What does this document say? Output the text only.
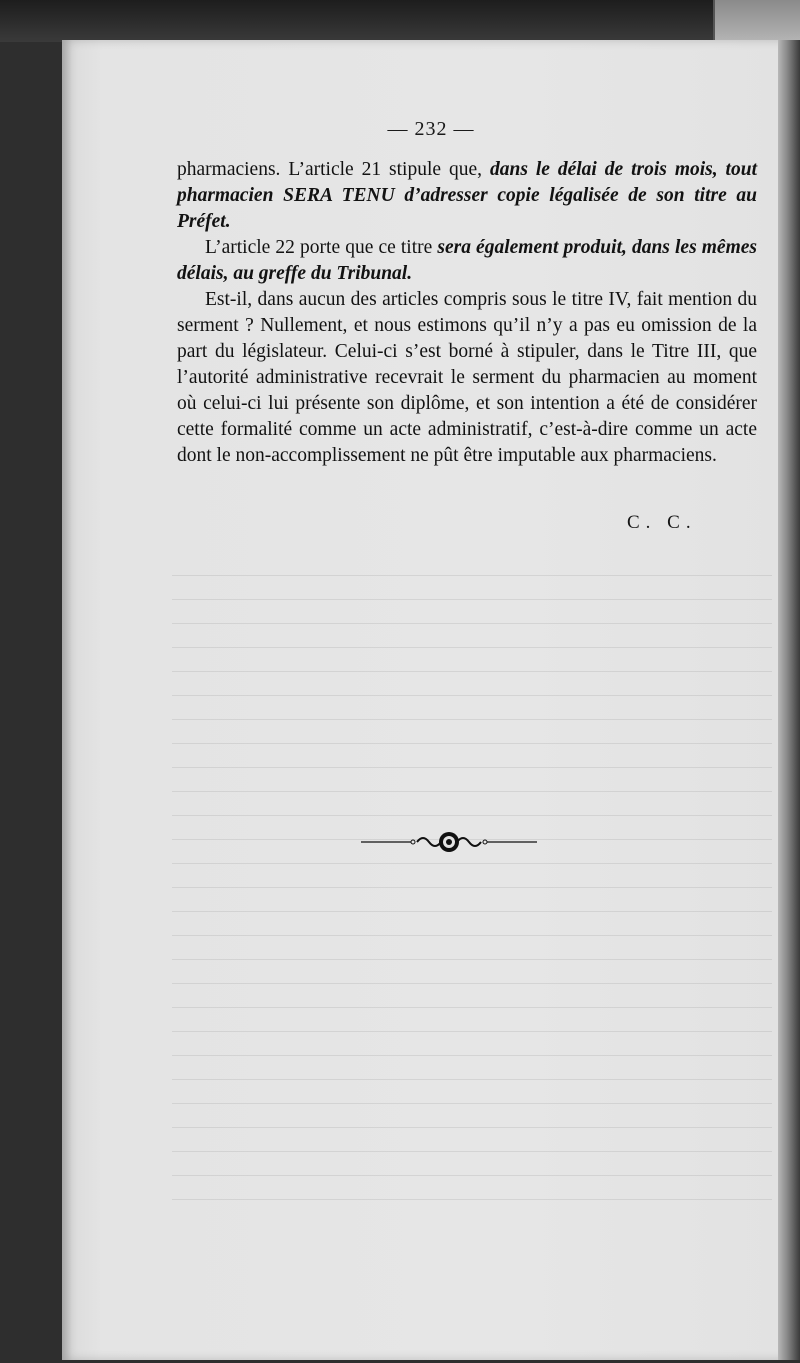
— 232 —

pharmaciens. L’article 21 stipule que, dans le délai de trois mois, tout pharmacien SERA TENU d’adresser copie légalisée de son titre au Préfet.

L’article 22 porte que ce titre sera également produit, dans les mêmes délais, au greffe du Tribunal.

Est-il, dans aucun des articles compris sous le titre IV, fait mention du serment ? Nullement, et nous estimons qu’il n’y a pas eu omission de la part du législateur. Celui-ci s’est borné à stipuler, dans le Titre III, que l’autorité administrative recevrait le serment du pharmacien au moment où celui-ci lui présente son diplôme, et son intention a été de considérer cette formalité comme un acte administratif, c’est-à-dire comme un acte dont le non-accomplissement ne pût être imputable aux pharmaciens.

C. C.
